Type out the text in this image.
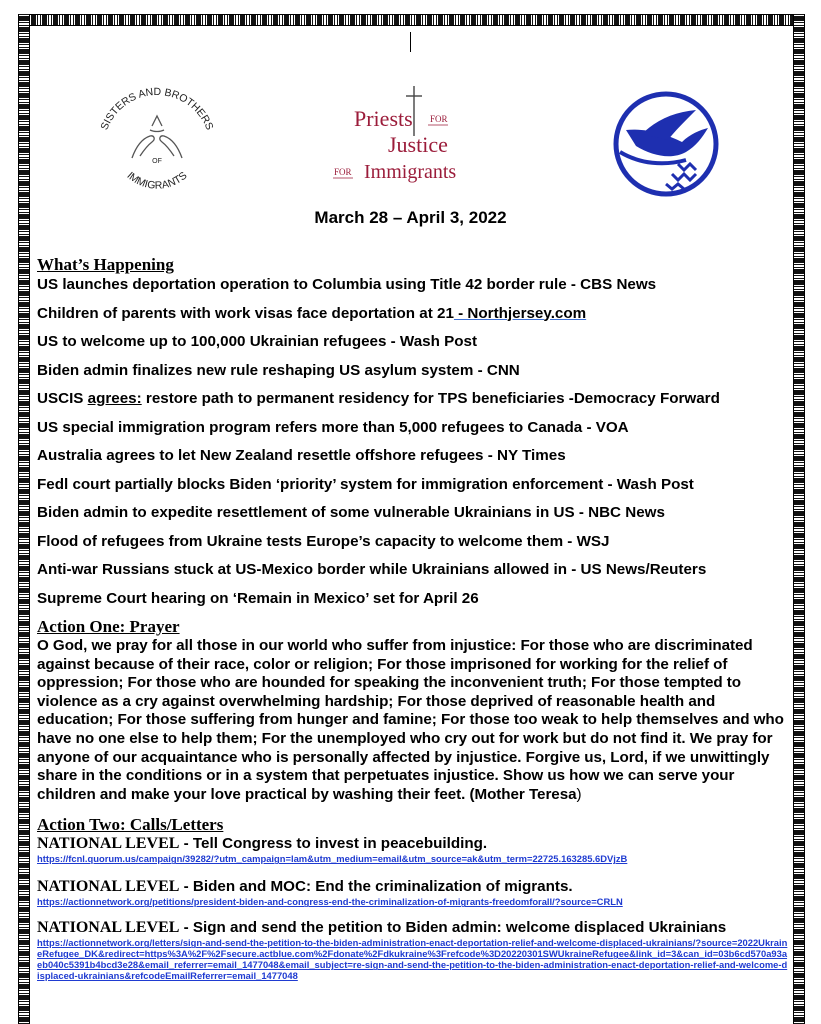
SISTERS AND BROTHERS
IMMIGRANTS
OF
Priests FOR
Justice
FOR Immigrants
March 28 – April 3, 2022
What’s Happening
US launches deportation operation to Columbia using Title 42 border rule - CBS News
Children of parents with work visas face deportation at 21 - Northjersey.com
US to welcome up to 100,000 Ukrainian refugees - Wash Post
Biden admin finalizes new rule reshaping US asylum system - CNN
USCIS agrees: restore path to permanent residency for TPS beneficiaries -Democracy Forward
US special immigration program refers more than 5,000 refugees to Canada - VOA
Australia agrees to let New Zealand resettle offshore refugees - NY Times
Fedl court partially blocks Biden ‘priority’ system for immigration enforcement - Wash Post
Biden admin to expedite resettlement of some vulnerable Ukrainians in US - NBC News
Flood of refugees from Ukraine tests Europe’s capacity to welcome them - WSJ
Anti-war Russians stuck at US-Mexico border while Ukrainians allowed in - US News/Reuters
Supreme Court hearing on ‘Remain in Mexico’ set for April 26
Action One: Prayer

O God, we pray for all those in our world who suffer from injustice: For those who are discriminated against because of their race, color or religion; For those imprisoned for working for the relief of oppression; For those who are hounded for speaking the inconvenient truth; For those tempted to violence as a cry against overwhelming hardship; For those deprived of reasonable health and education; For those suffering from hunger and famine; For those too weak to help themselves and who have no one else to help them; For the unemployed who cry out for work but do not find it. We pray for anyone of our acquaintance who is personally affected by injustice. Forgive us, Lord, if we unwittingly share in the conditions or in a system that perpetuates injustice. Show us how we can serve your children and make your love practical by washing their feet. (Mother Teresa)

Action Two: Calls/Letters

NATIONAL LEVEL - Tell Congress to invest in peacebuilding.

https://fcnl.quorum.us/campaign/39282/?utm_campaign=lam&utm_medium=email&utm_source=ak&utm_term=22725.163285.6DVjzB

NATIONAL LEVEL - Biden and MOC: End the criminalization of migrants.

https://actionnetwork.org/petitions/president-biden-and-congress-end-the-criminalization-of-migrants-freedomforall/?source=CRLN

NATIONAL LEVEL - Sign and send the petition to Biden admin: welcome displaced Ukrainians

https://actionnetwork.org/letters/sign-and-send-the-petition-to-the-biden-administration-enact-deportation-relief-and-welcome-displaced-ukrainians/?source=2022UkraineRefugee_DK&redirect=https%3A%2F%2Fsecure.actblue.com%2Fdonate%2Fdkukraine%3Frefcode%3D20220301SWUkraineRefugee&link_id=3&can_id=03b6cd570a93aeb040c5391b4bcd3e28&email_referrer=email_1477048&email_subject=re-sign-and-send-the-petition-to-the-biden-administration-enact-deportation-relief-and-welcome-displaced-ukrainians&refcodeEmailReferrer=email_1477048
